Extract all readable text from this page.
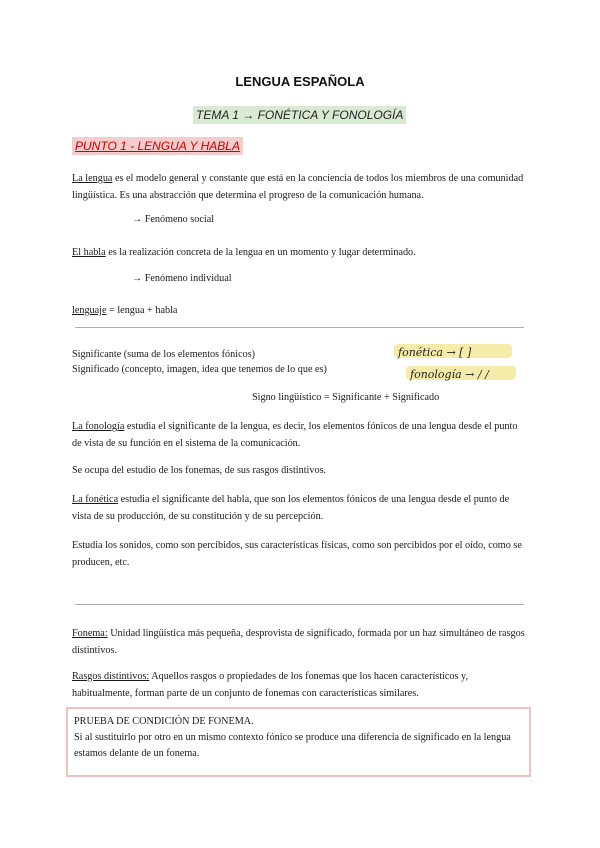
LENGUA ESPAÑOLA
TEMA 1 → FONÉTICA Y FONOLOGÍA
PUNTO 1 - LENGUA Y HABLA
La lengua es el modelo general y constante que está en la conciencia de todos los miembros de una comunidad lingüística. Es una abstracción que determina el progreso de la comunicación humana.
→ Fenómeno social
El habla es la realización concreta de la lengua en un momento y lugar determinado.
→ Fenómeno individual
lenguaje = lengua + habla
Significante (suma de los elementos fónicos)
Significado (concepto, imagen, idea que tenemos de lo que es)
fonética → [ ]
fonología → / /
Signo lingüístico = Significante + Significado
La fonología estudia el significante de la lengua, es decir, los elementos fónicos de una lengua desde el punto de vista de su función en el sistema de la comunicación.
Se ocupa del estudio de los fonemas, de sus rasgos distintivos.
La fonética estudia el significante del habla, que son los elementos fónicos de una lengua desde el punto de vista de su producción, de su constitución y de su percepción.
Estudia los sonidos, como son percibidos, sus características físicas, como son percibidos por el oído, como se producen, etc.
Fonema: Unidad lingüística más pequeña, desprovista de significado, formada por un haz simultáneo de rasgos distintivos.
Rasgos distintivos: Aquellos rasgos o propiedades de los fonemas que los hacen característicos y, habitualmente, forman parte de un conjunto de fonemas con características similares.
PRUEBA DE CONDICIÓN DE FONEMA.
Si al sustituirlo por otro en un mismo contexto fónico se produce una diferencia de significado en la lengua estamos delante de un fonema.
